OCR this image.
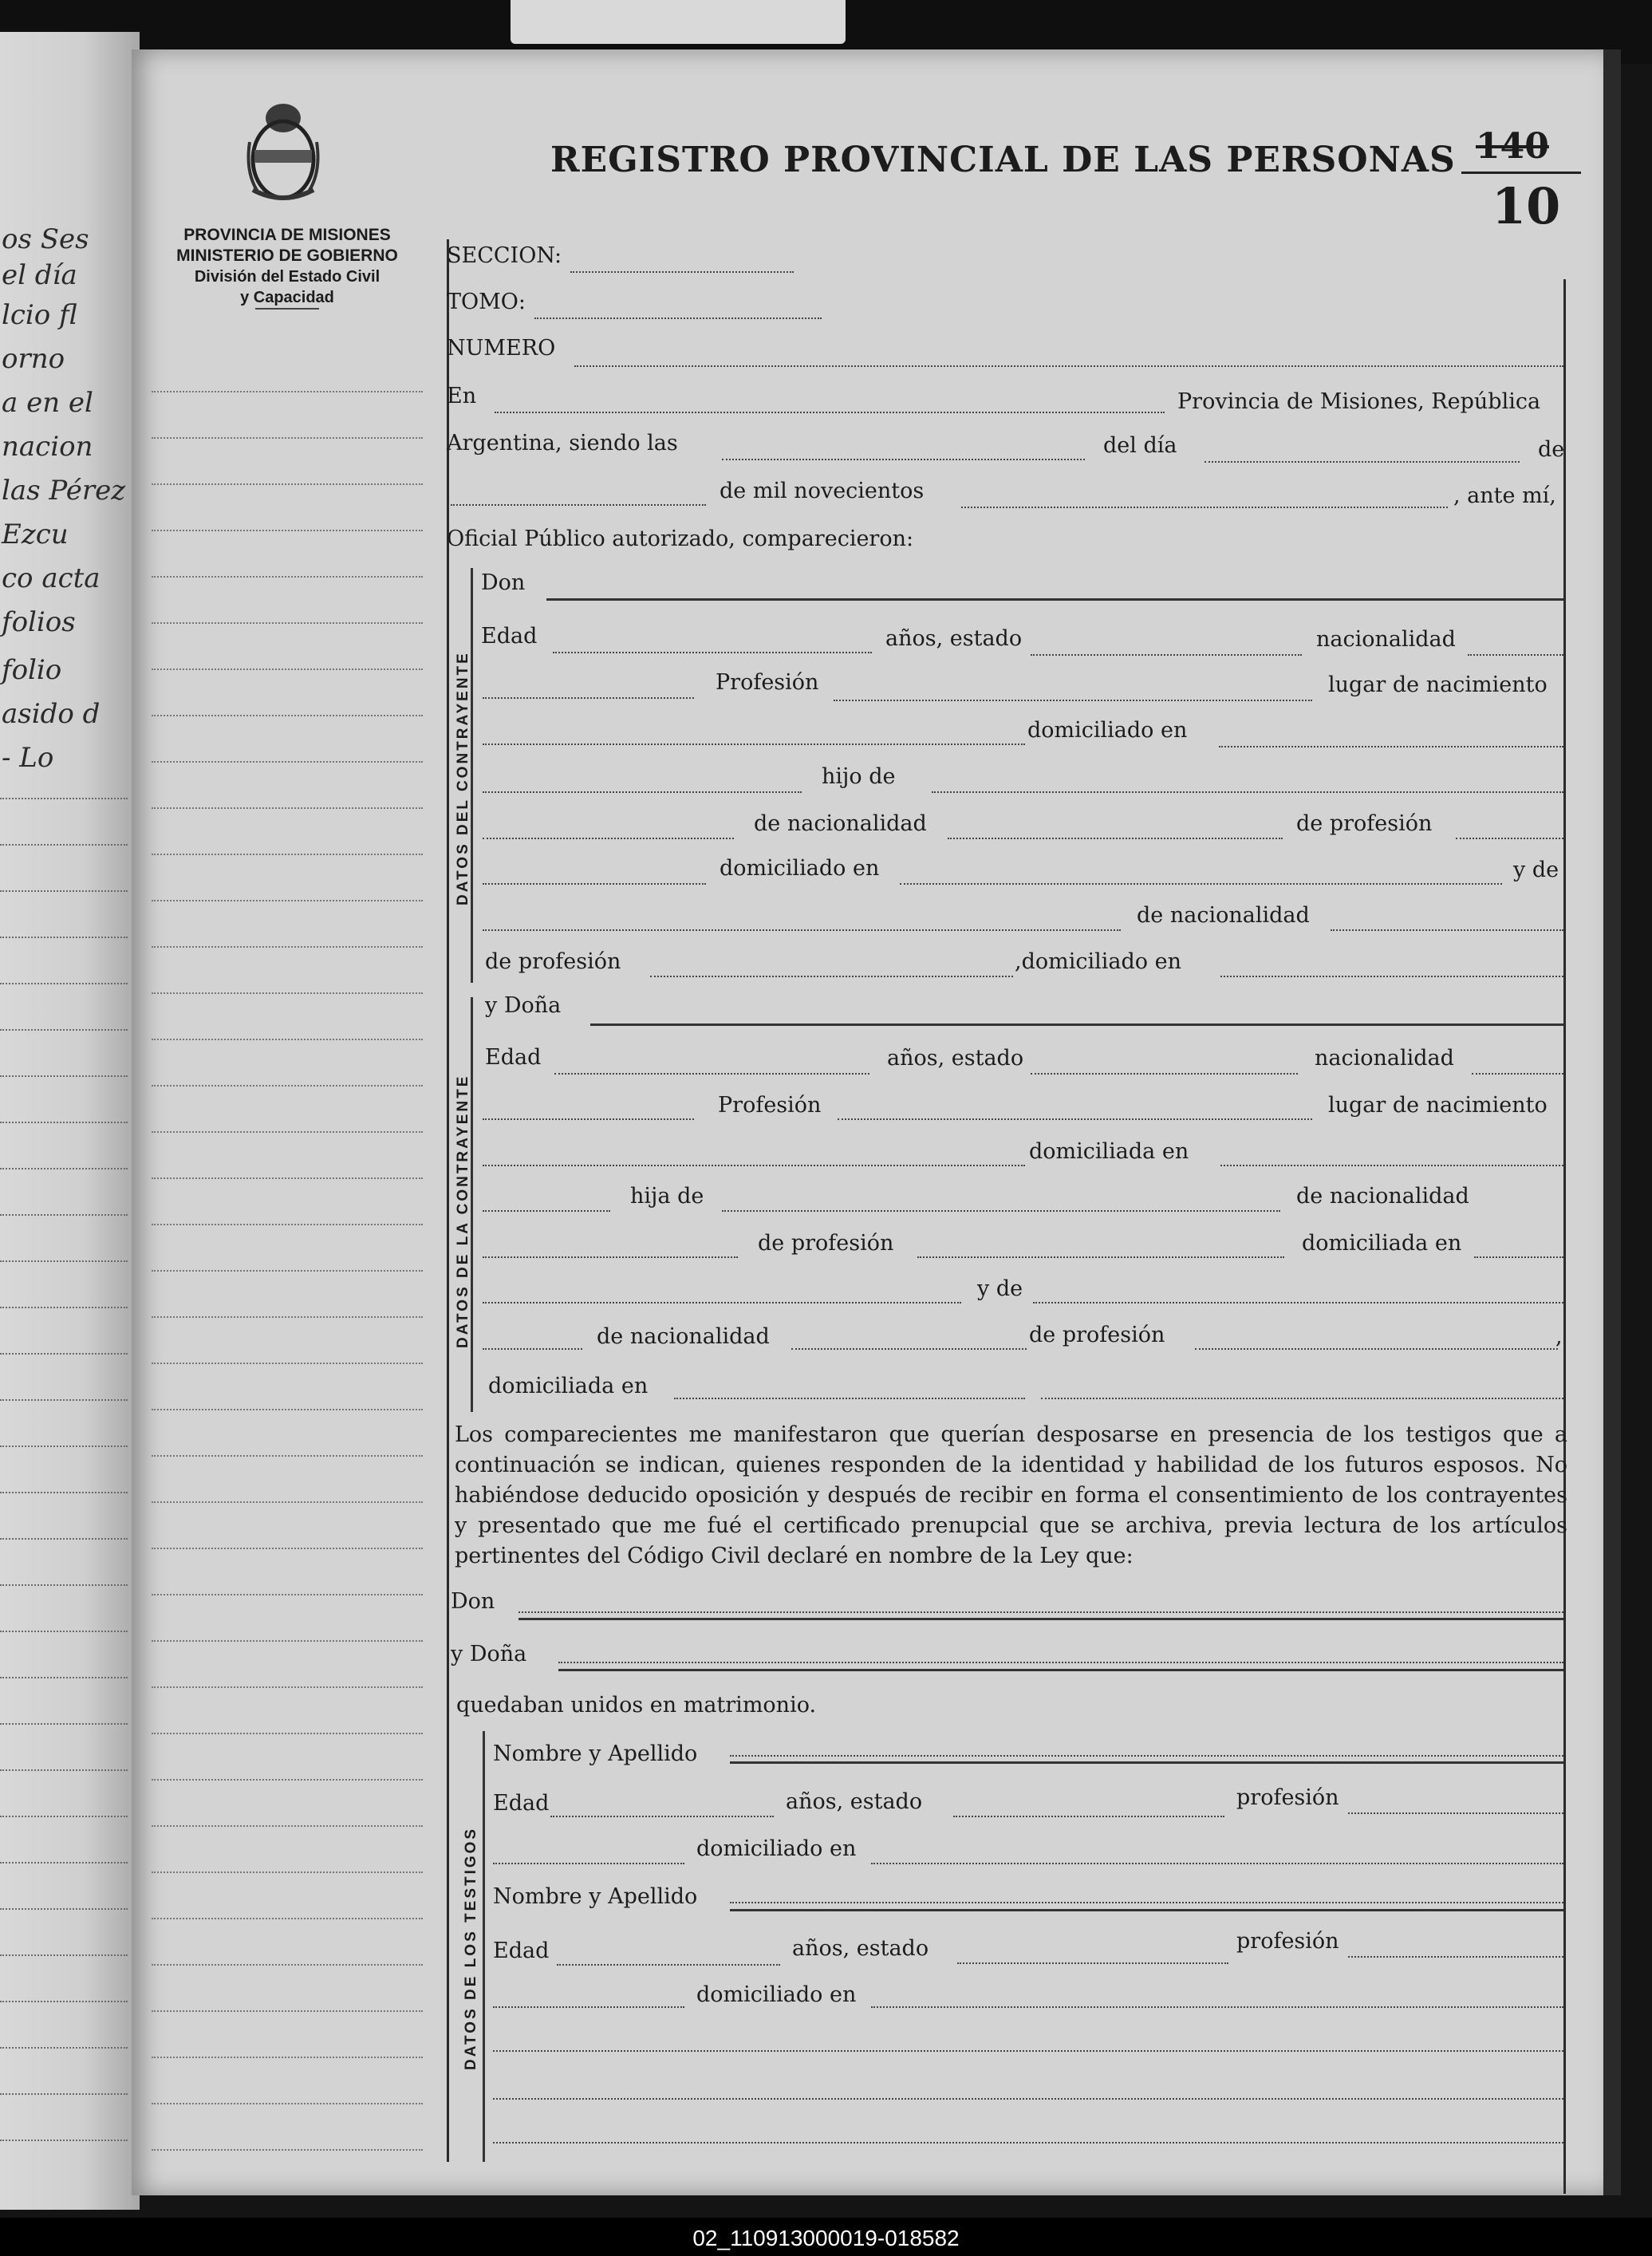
os Ses
el día
lcio fl
orno
a en el
nacion
las Pérez
Ezcu
co acta
folios
folio
asido d
- Lo
PROVINCIA DE MISIONES
MINISTERIO DE GOBIERNO
División del Estado Civil
y Capacidad
REGISTRO PROVINCIAL DE LAS PERSONAS 140
10
SECCION:
TOMO:
NUMERO
En	Provincia de Misiones, República
Argentina, siendo las	del día	de
de mil novecientos	, ante mí,
Oficial Público autorizado, comparecieron:
DATOS DEL CONTRAYENTE
Don
Edad	años, estado	nacionalidad
Profesión	lugar de nacimiento
domiciliado en
hijo de
de nacionalidad	de profesión
domiciliado en	y de
de nacionalidad
de profesión	,domiciliado en
DATOS DE LA CONTRAYENTE
y Doña
Edad	años, estado	nacionalidad
Profesión	lugar de nacimiento
domiciliada en
hija de	de nacionalidad
de profesión	domiciliada en
y de
de nacionalidad	de profesión	,
domiciliada en
Los comparecientes me manifestaron que querían desposarse en presencia de los testigos que a continuación se indican, quienes responden de la identidad y habilidad de los futuros esposos. No habiéndose deducido oposición y después de recibir en forma el consentimiento de los contrayentes y presentado que me fué el certificado prenupcial que se archiva, previa lectura de los artículos pertinentes del Código Civil declaré en nombre de la Ley que:
Don
y Doña
quedaban unidos en matrimonio.
DATOS DE LOS TESTIGOS
Nombre y Apellido
Edad	años, estado	profesión
domiciliado en
Nombre y Apellido
Edad	años, estado	profesión
domiciliado en
02_110913000019-018582
